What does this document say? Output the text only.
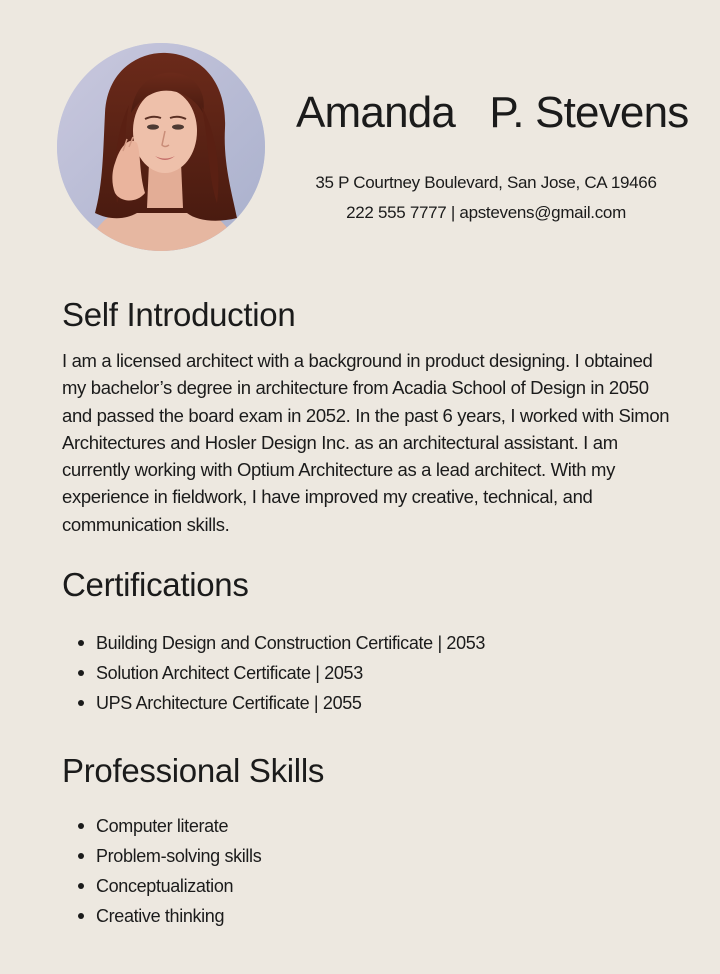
Amanda   P. Stevens
35 P Courtney Boulevard, San Jose, CA 19466
222 555 7777 | apstevens@gmail.com
Self Introduction
I am a licensed architect with a background in product designing. I obtained my bachelor’s degree in architecture from Acadia School of Design in 2050 and passed the board exam in 2052. In the past 6 years, I worked with Simon Architectures and Hosler Design Inc. as an architectural assistant. I am currently working with Optium Architecture as a lead architect. With my experience in fieldwork, I have improved my creative, technical, and communication skills.
Certifications
Building Design and Construction Certificate | 2053
Solution Architect Certificate | 2053
UPS Architecture Certificate | 2055
Professional Skills
Computer literate
Problem-solving skills
Conceptualization
Creative thinking
